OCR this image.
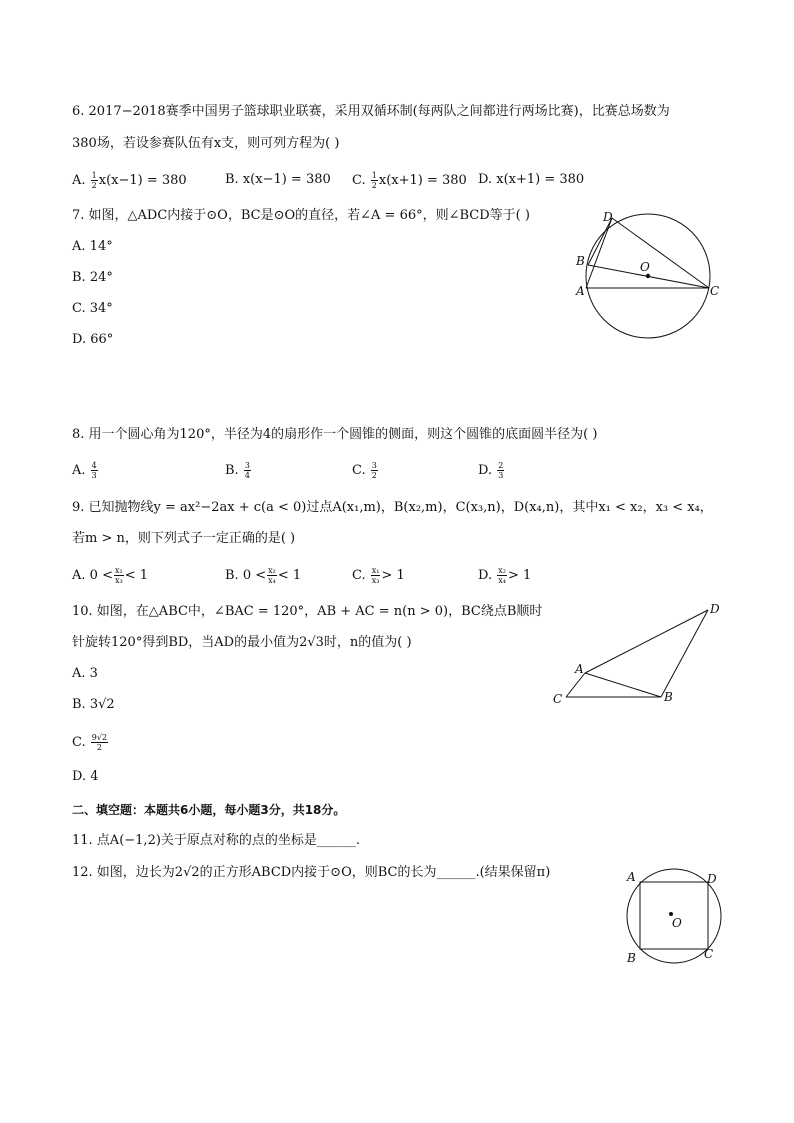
6. 2017−2018赛季中国男子篮球职业联赛，采用双循环制(每两队之间都进行两场比赛)，比赛总场数为
380场，若设参赛队伍有x支，则可列方程为( )
A. $\frac{1}{2} x(x-1) = 380$	B. x(x−1) = 380 C. $\frac{1}{2} x(x+1) = 380$ D. x(x+1) = 380
7. 如图，△ADC内接于⊙O，BC是⊙O的直径，若∠A = 66°，则∠BCD等于( )
A. 14°
B. 24°
C. 34°
D. 66°
D
B
A
O
C
8. 用一个圆心角为120°，半径为4的扇形作一个圆锥的侧面，则这个圆锥的底面圆半径为( )
A. $\frac{4}{3}$	B. $\frac{3}{4}$	C. $\frac{3}{2}$	D. $\frac{2}{3}$
9. 已知抛物线y = ax²−2ax + c(a < 0)过点A(x₁,m)，B(x₂,m)，C(x₃,n)，D(x₄,n)，其中x₁ < x₂，x₃ < x₄，
若m > n，则下列式子一定正确的是( )
A. $0 < \frac{\text{x₁}}{\text{x₃}} < 1$	B. $0 < \frac{\text{x₂}}{\text{x₄}} < 1$	C. $\frac{\text{x₁}}{\text{x₃}} > 1$	D. $\frac{\text{x₂}}{\text{x₄}} > 1$
10. 如图，在△ABC中，∠BAC = 120°，AB + AC = n(n > 0)，BC绕点B顺时
针旋转120°得到BD，当AD的最小值为2√3时，n的值为( )
A. 3
B. 3√2
C. $\frac{9√2}{2}$
D. 4
D
A
C	B
二、填空题：本题共6小题，每小题3分，共18分。
11. 点A(−1,2)关于原点对称的点的坐标是______.
12. 如图，边长为2√2的正方形ABCD内接于⊙O，则BC的长为______.(结果保留π)	A	D
B	C
O
